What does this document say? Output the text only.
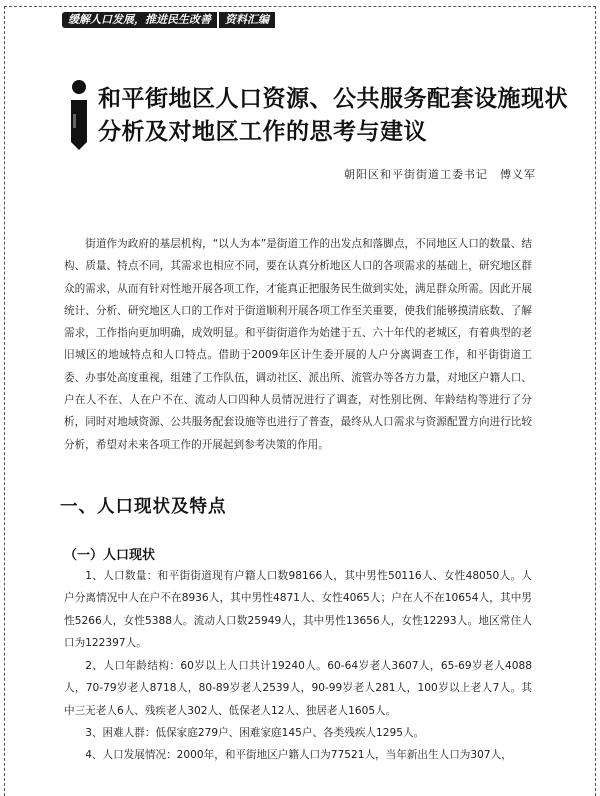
缓解人口发展，推进民生改善	资料汇编
和平街地区人口资源、公共服务配套设施现状分析及对地区工作的思考与建议
朝阳区和平街街道工委书记　傅义军
街道作为政府的基层机构，“以人为本”是街道工作的出发点和落脚点，不同地区人口的数量、结构、质量、特点不同，其需求也相应不同，要在认真分析地区人口的各项需求的基础上，研究地区群众的需求，从而有针对性地开展各项工作，才能真正把服务民生做到实处，满足群众所需。因此开展统计、分析、研究地区人口的工作对于街道顺利开展各项工作至关重要，使我们能够摸清底数、了解需求，工作指向更加明确，成效明显。和平街街道作为始建于五、六十年代的老城区，有着典型的老旧城区的地域特点和人口特点。借助于2009年区计生委开展的人户分离调查工作，和平街街道工委、办事处高度重视，组建了工作队伍，调动社区、派出所、流管办等各方力量，对地区户籍人口、户在人不在、人在户不在、流动人口四种人员情况进行了调查，对性别比例、年龄结构等进行了分析，同时对地域资源、公共服务配套设施等也进行了普查，最终从人口需求与资源配置方向进行比较分析，希望对未来各项工作的开展起到参考决策的作用。
一、人口现状及特点
（一）人口现状
1、人口数量：和平街街道现有户籍人口数98166人，其中男性50116人、女性48050人。人户分离情况中人在户不在8936人，其中男性4871人、女性4065人；户在人不在10654人，其中男性5266人，女性5388人。流动人口数25949人，其中男性13656人，女性12293人。地区常住人口为122397人。
2、人口年龄结构：60岁以上人口共计19240人。60-64岁老人3607人，65-69岁老人4088人，70-79岁老人8718人，80-89岁老人2539人，90-99岁老人281人，100岁以上老人7人。其中三无老人6人、残疾老人302人、低保老人12人、独居老人1605人。
3、困难人群：低保家庭279户、困难家庭145户、各类残疾人1295人。
4、人口发展情况：2000年，和平街地区户籍人口为77521人，当年新出生人口为307人，
